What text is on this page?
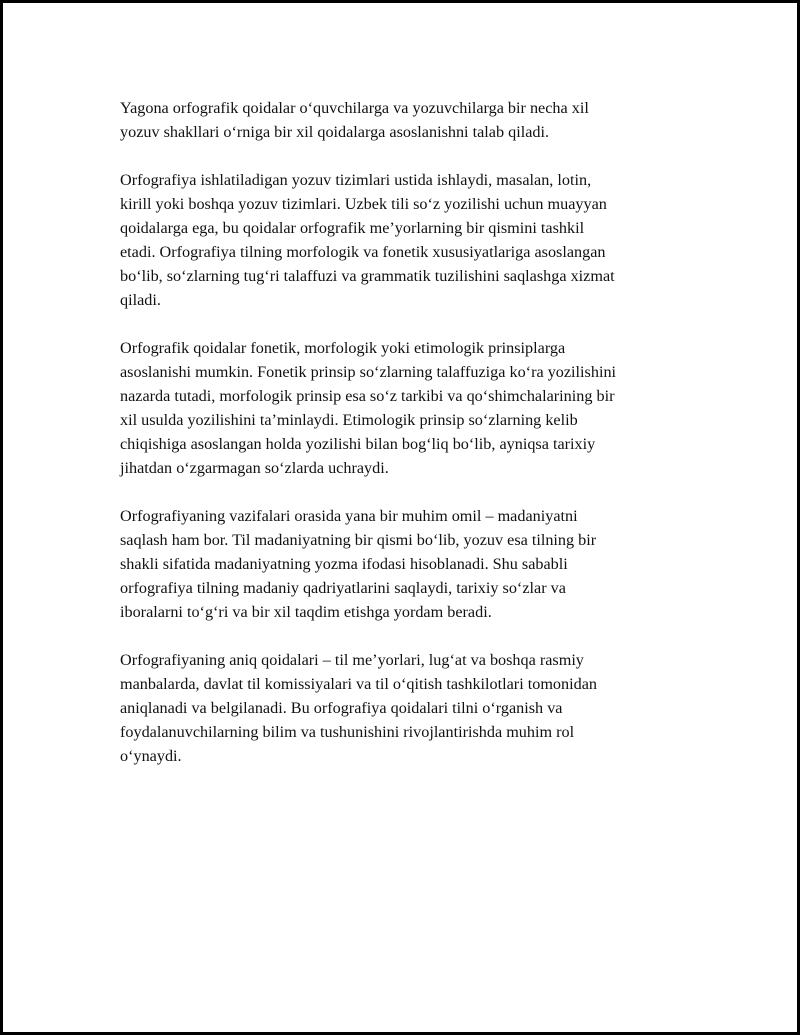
Yagona orfografik qoidalar o‘quvchilarga va yozuvchilarga bir necha xil
yozuv shakllari o‘rniga bir xil qoidalarga asoslanishni talab qiladi.

Orfografiya ishlatiladigan yozuv tizimlari ustida ishlaydi, masalan, lotin,
kirill yoki boshqa yozuv tizimlari. Uzbek tili so‘z yozilishi uchun muayyan
qoidalarga ega, bu qoidalar orfografik me’yorlarning bir qismini tashkil
etadi. Orfografiya tilning morfologik va fonetik xususiyatlariga asoslangan
bo‘lib, so‘zlarning tug‘ri talaffuzi va grammatik tuzilishini saqlashga xizmat
qiladi.

Orfografik qoidalar fonetik, morfologik yoki etimologik prinsiplarga
asoslanishi mumkin. Fonetik prinsip so‘zlarning talaffuziga ko‘ra yozilishini
nazarda tutadi, morfologik prinsip esa so‘z tarkibi va qo‘shimchalarining bir
xil usulda yozilishini ta’minlaydi. Etimologik prinsip so‘zlarning kelib
chiqishiga asoslangan holda yozilishi bilan bog‘liq bo‘lib, ayniqsa tarixiy
jihatdan o‘zgarmagan so‘zlarda uchraydi.

Orfografiyaning vazifalari orasida yana bir muhim omil – madaniyatni
saqlash ham bor. Til madaniyatning bir qismi bo‘lib, yozuv esa tilning bir
shakli sifatida madaniyatning yozma ifodasi hisoblanadi. Shu sababli
orfografiya tilning madaniy qadriyatlarini saqlaydi, tarixiy so‘zlar va
iboralarni to‘g‘ri va bir xil taqdim etishga yordam beradi.

Orfografiyaning aniq qoidalari – til me’yorlari, lug‘at va boshqa rasmiy
manbalarda, davlat til komissiyalari va til o‘qitish tashkilotlari tomonidan
aniqlanadi va belgilanadi. Bu orfografiya qoidalari tilni o‘rganish va
foydalanuvchilarning bilim va tushunishini rivojlantirishda muhim rol
o‘ynaydi.
